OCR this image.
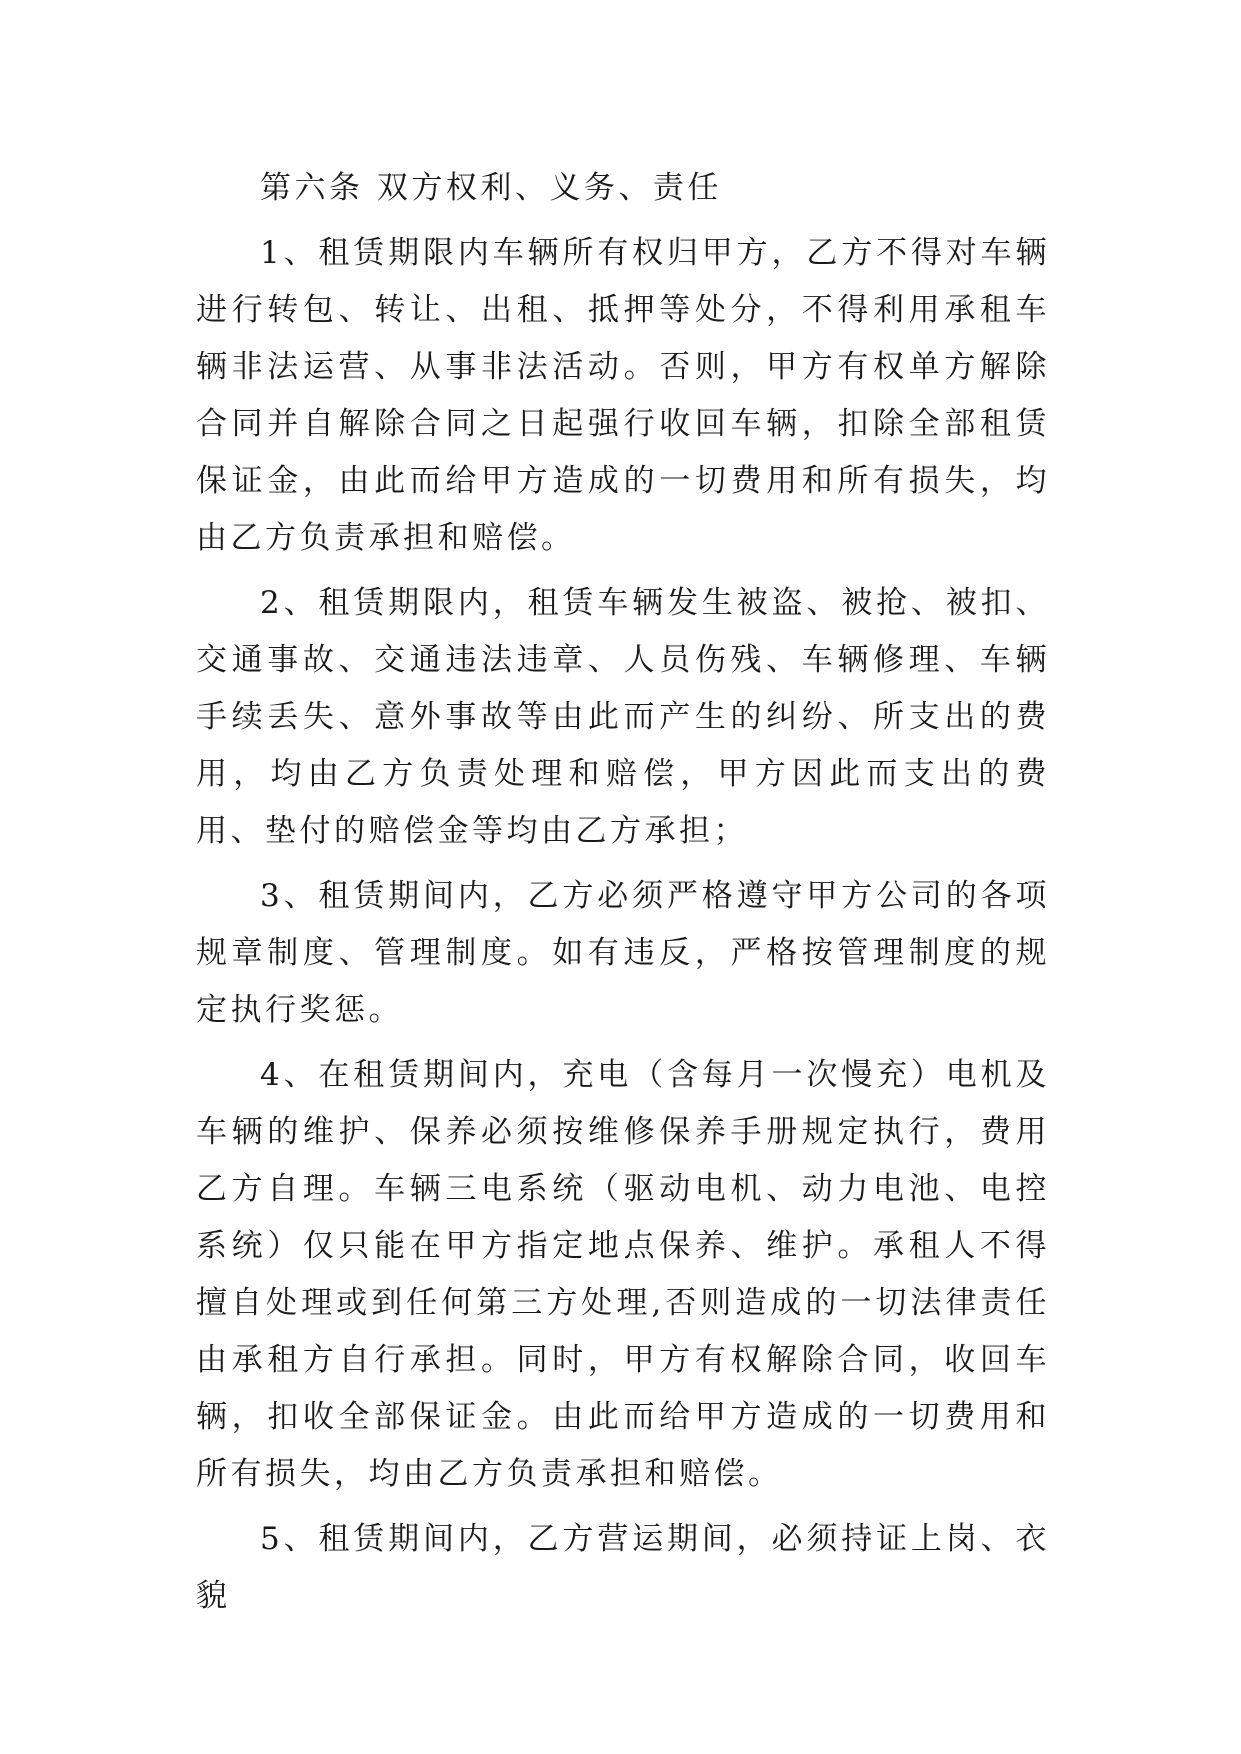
第六条 双方权利、义务、责任

1、租赁期限内车辆所有权归甲方，乙方不得对车辆进行转包、转让、出租、抵押等处分，不得利用承租车辆非法运营、从事非法活动。否则，甲方有权单方解除合同并自解除合同之日起强行收回车辆，扣除全部租赁保证金，由此而给甲方造成的一切费用和所有损失，均由乙方负责承担和赔偿。

2、租赁期限内，租赁车辆发生被盗、被抢、被扣、交通事故、交通违法违章、人员伤残、车辆修理、车辆手续丢失、意外事故等由此而产生的纠纷、所支出的费用，均由乙方负责处理和赔偿，甲方因此而支出的费用、垫付的赔偿金等均由乙方承担；

3、租赁期间内，乙方必须严格遵守甲方公司的各项规章制度、管理制度。如有违反，严格按管理制度的规定执行奖惩。

4、在租赁期间内，充电（含每月一次慢充）电机及车辆的维护、保养必须按维修保养手册规定执行，费用乙方自理。车辆三电系统（驱动电机、动力电池、电控系统）仅只能在甲方指定地点保养、维护。承租人不得擅自处理或到任何第三方处理,否则造成的一切法律责任由承租方自行承担。同时，甲方有权解除合同，收回车辆，扣收全部保证金。由此而给甲方造成的一切费用和所有损失，均由乙方负责承担和赔偿。

5、租赁期间内，乙方营运期间，必须持证上岗、衣貌
